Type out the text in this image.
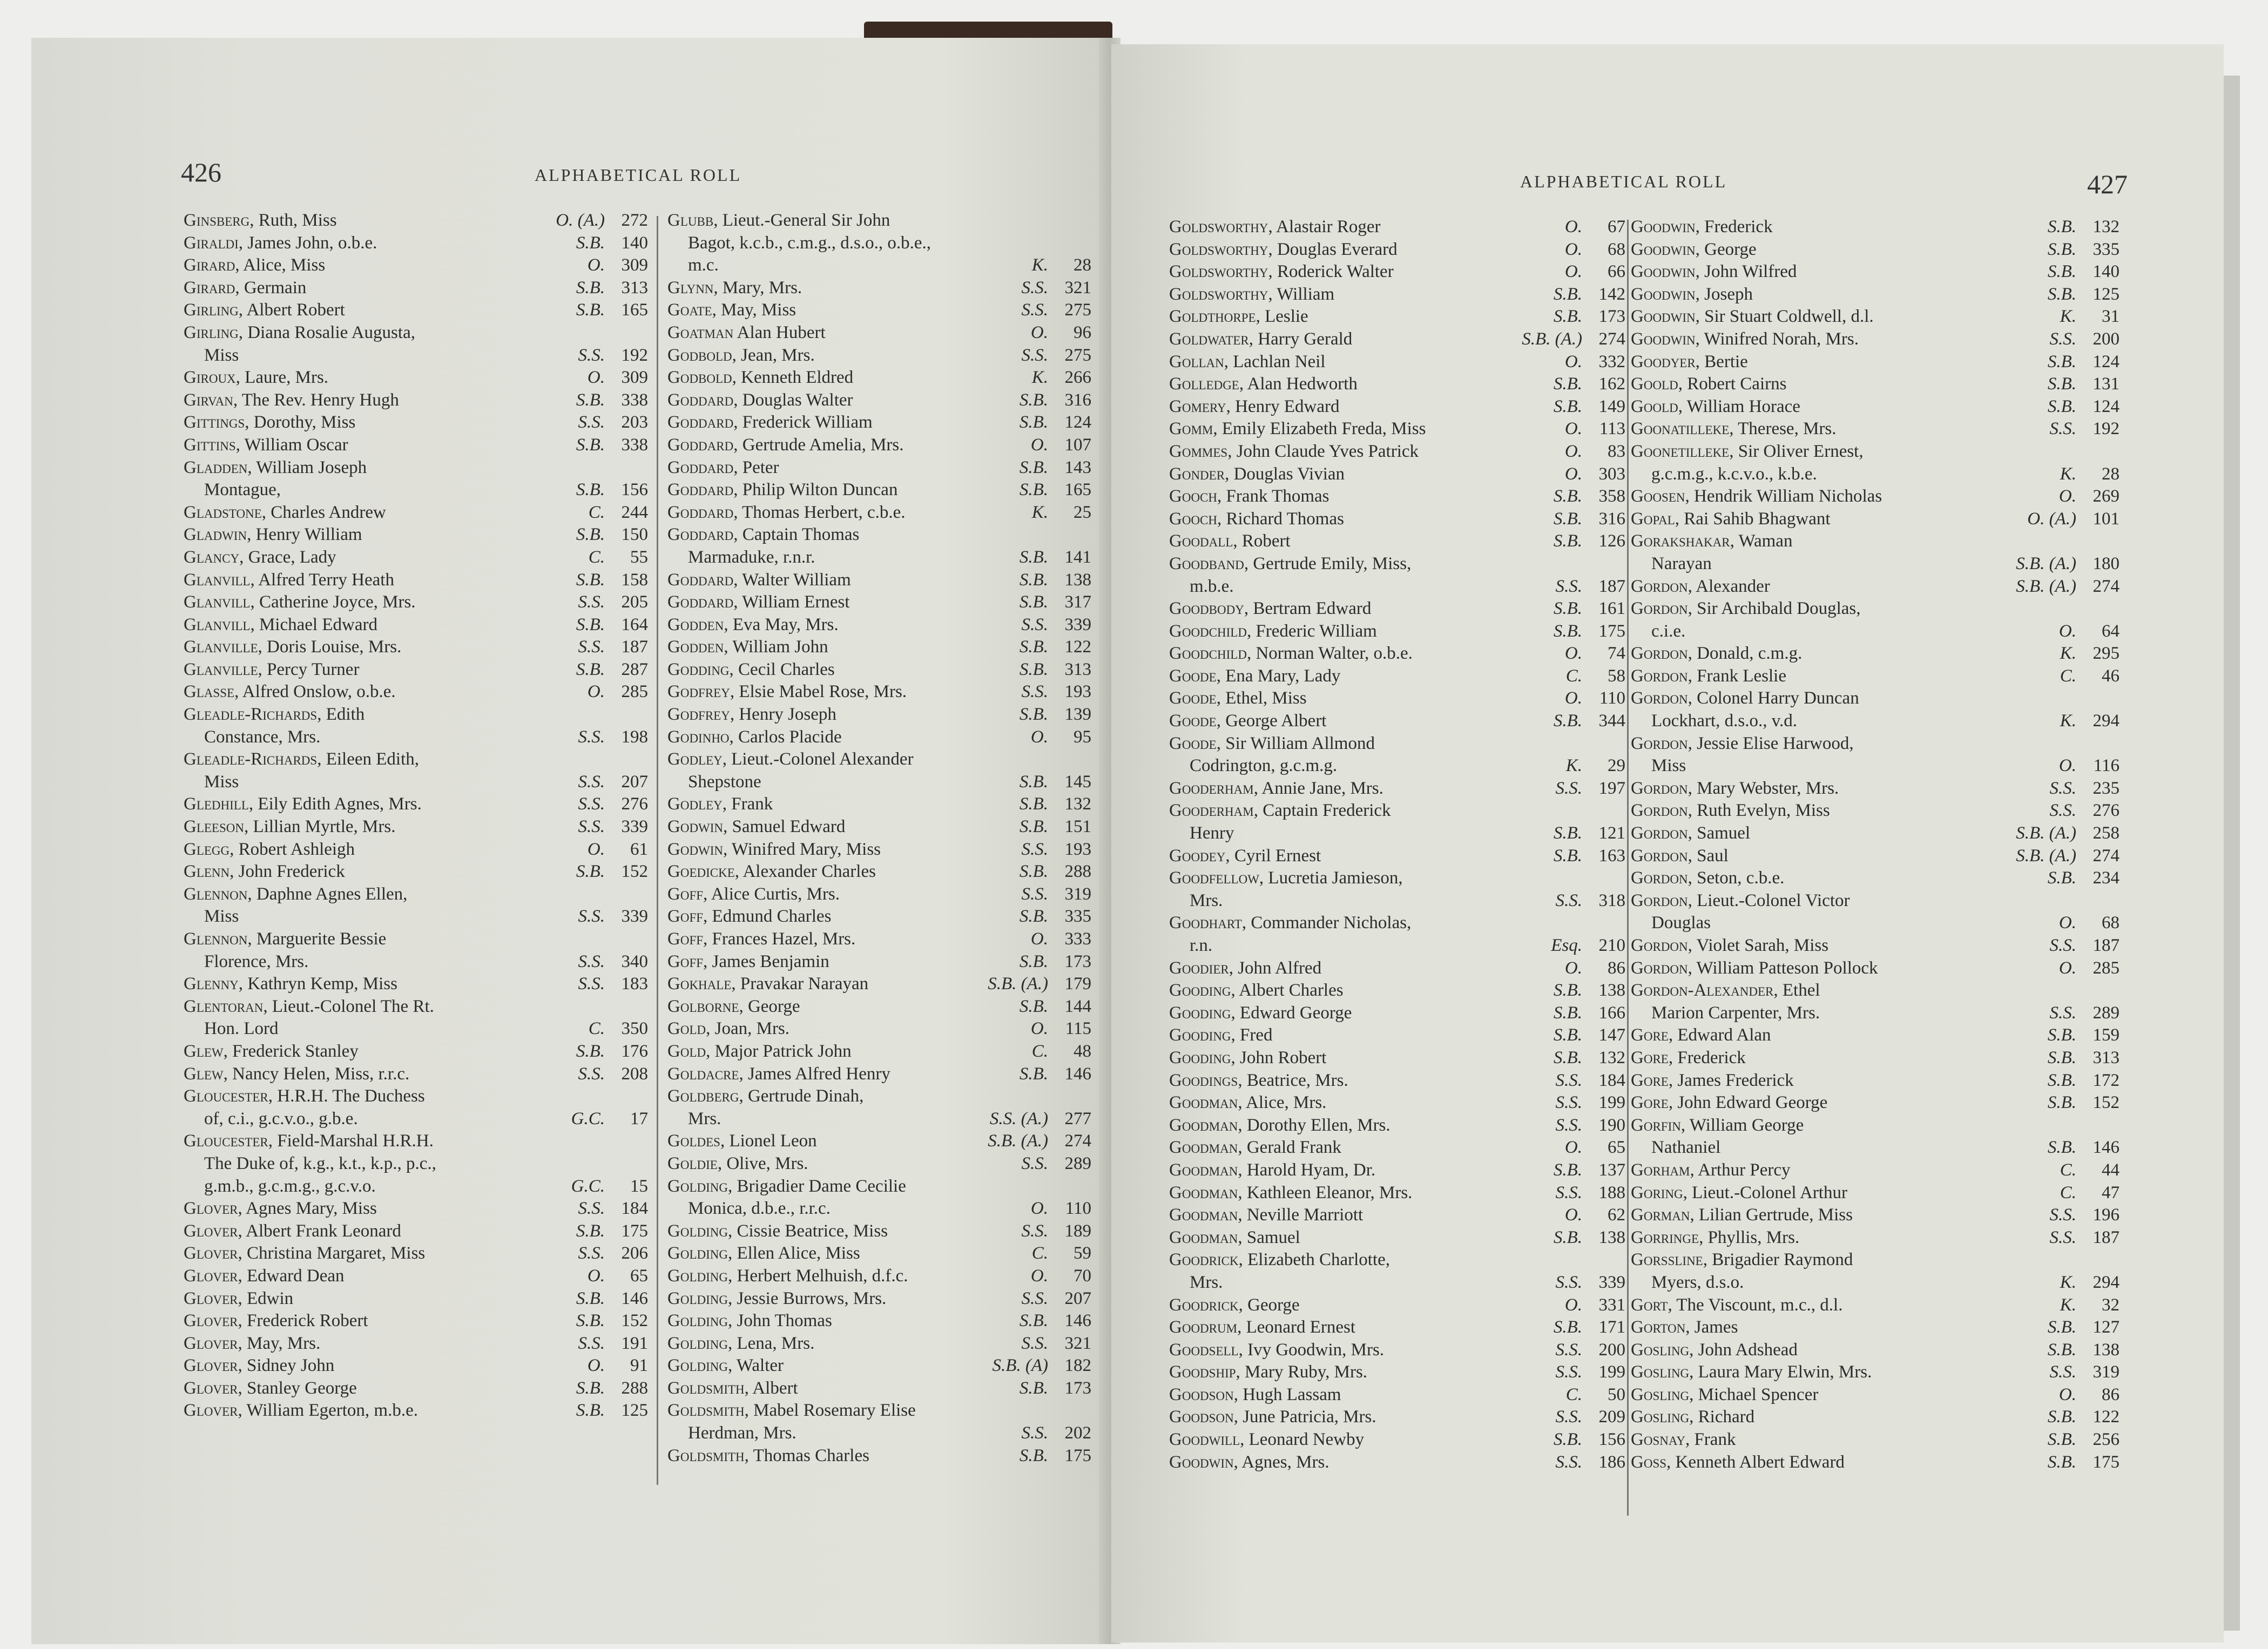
426	ALPHABETICAL ROLL
Ginsberg, Ruth, Miss	O. (A.) 272
Giraldi, James John, o.b.e.	S.B. 140
Girard, Alice, Miss	O. 309
Girard, Germain	S.B. 313
Girling, Albert Robert	S.B. 165
Girling, Diana Rosalie Augusta,
Miss	S.S. 192
Giroux, Laure, Mrs.	O. 309
Girvan, The Rev. Henry Hugh	S.B. 338
Gittings, Dorothy, Miss	S.S. 203
Gittins, William Oscar	S.B. 338
Gladden, William Joseph
Montague,	S.B. 156
Gladstone, Charles Andrew	C. 244
Gladwin, Henry William	S.B. 150
Glancy, Grace, Lady	C.	55
Glanvill, Alfred Terry Heath	S.B. 158
Glanvill, Catherine Joyce, Mrs.	S.S. 205
Glanvill, Michael Edward	S.B. 164
Glanville, Doris Louise, Mrs.	S.S. 187
Glanville, Percy Turner	S.B. 287
Glasse, Alfred Onslow, o.b.e.	O. 285
Gleadle-Richards, Edith
Constance, Mrs.	S.S. 198
Gleadle-Richards, Eileen Edith,
Miss	S.S. 207
Gledhill, Eily Edith Agnes, Mrs.	S.S. 276
Gleeson, Lillian Myrtle, Mrs.	S.S. 339
Glegg, Robert Ashleigh	O.	61
Glenn, John Frederick	S.B. 152
Glennon, Daphne Agnes Ellen,
Miss	S.S. 339
Glennon, Marguerite Bessie
Florence, Mrs.	S.S. 340
Glenny, Kathryn Kemp, Miss	S.S. 183
Glentoran, Lieut.-Colonel The Rt.
Hon. Lord	C. 350
Glew, Frederick Stanley	S.B. 176
Glew, Nancy Helen, Miss, r.r.c.	S.S. 208
Gloucester, H.R.H. The Duchess
of, c.i., g.c.v.o., g.b.e.	G.C.	17
Gloucester, Field-Marshal H.R.H.
The Duke of, k.g., k.t., k.p., p.c.,
g.m.b., g.c.m.g., g.c.v.o.	G.C.	15
Glover, Agnes Mary, Miss	S.S. 184
Glover, Albert Frank Leonard	S.B. 175
Glover, Christina Margaret, Miss	S.S. 206
Glover, Edward Dean	O.	65
Glover, Edwin	S.B. 146
Glover, Frederick Robert	S.B. 152
Glover, May, Mrs.	S.S. 191
Glover, Sidney John	O.	91
Glover, Stanley George	S.B. 288
Glover, William Egerton, m.b.e.	S.B. 125
Glubb, Lieut.-General Sir John
Bagot, k.c.b., c.m.g., d.s.o., o.b.e.,
m.c.	K.	28
Glynn, Mary, Mrs.	S.S. 321
Goate, May, Miss	S.S. 275
Goatman Alan Hubert	O.	96
Godbold, Jean, Mrs.	S.S. 275
Godbold, Kenneth Eldred	K. 266
Goddard, Douglas Walter	S.B. 316
Goddard, Frederick William	S.B. 124
Goddard, Gertrude Amelia, Mrs.	O. 107
Goddard, Peter	S.B. 143
Goddard, Philip Wilton Duncan	S.B. 165
Goddard, Thomas Herbert, c.b.e.	K.	25
Goddard, Captain Thomas
Marmaduke, r.n.r.	S.B. 141
Goddard, Walter William	S.B. 138
Goddard, William Ernest	S.B. 317
Godden, Eva May, Mrs.	S.S. 339
Godden, William John	S.B. 122
Godding, Cecil Charles	S.B. 313
Godfrey, Elsie Mabel Rose, Mrs.	S.S. 193
Godfrey, Henry Joseph	S.B. 139
Godinho, Carlos Placide	O.	95
Godley, Lieut.-Colonel Alexander
Shepstone	S.B. 145
Godley, Frank	S.B. 132
Godwin, Samuel Edward	S.B. 151
Godwin, Winifred Mary, Miss	S.S. 193
Goedicke, Alexander Charles	S.B. 288
Goff, Alice Curtis, Mrs.	S.S. 319
Goff, Edmund Charles	S.B. 335
Goff, Frances Hazel, Mrs.	O. 333
Goff, James Benjamin	S.B. 173
Gokhale, Pravakar Narayan	S.B. (A.) 179
Golborne, George	S.B. 144
Gold, Joan, Mrs.	O. 115
Gold, Major Patrick John	C.	48
Goldacre, James Alfred Henry	S.B. 146
Goldberg, Gertrude Dinah,
Mrs.	S.S. (A.) 277
Goldes, Lionel Leon	S.B. (A.) 274
Goldie, Olive, Mrs.	S.S. 289
Golding, Brigadier Dame Cecilie
Monica, d.b.e., r.r.c.	O. 110
Golding, Cissie Beatrice, Miss	S.S. 189
Golding, Ellen Alice, Miss	C.	59
Golding, Herbert Melhuish, d.f.c.	O.	70
Golding, Jessie Burrows, Mrs.	S.S. 207
Golding, John Thomas	S.B. 146
Golding, Lena, Mrs.	S.S. 321
Golding, Walter	S.B. (A) 182
Goldsmith, Albert	S.B. 173
Goldsmith, Mabel Rosemary Elise
Herdman, Mrs.	S.S. 202
Goldsmith, Thomas Charles	S.B. 175
427
ALPHABETICAL ROLL
Goldsworthy, Alastair Roger	O.	67
Goldsworthy, Douglas Everard	O.	68
Goldsworthy, Roderick Walter	O.	66
Goldsworthy, William	S.B. 142
Goldthorpe, Leslie	S.B. 173
Goldwater, Harry Gerald	S.B. (A.) 274
Gollan, Lachlan Neil	O. 332
Golledge, Alan Hedworth	S.B. 162
Gomery, Henry Edward	S.B. 149
Gomm, Emily Elizabeth Freda, Miss	O. 113
Gommes, John Claude Yves Patrick	O.	83
Gonder, Douglas Vivian	O. 303
Gooch, Frank Thomas	S.B. 358
Gooch, Richard Thomas	S.B. 316
Goodall, Robert	S.B. 126
Goodband, Gertrude Emily, Miss,
m.b.e.	S.S. 187
Goodbody, Bertram Edward	S.B. 161
Goodchild, Frederic William	S.B. 175
Goodchild, Norman Walter, o.b.e.	O.	74
Goode, Ena Mary, Lady	C.	58
Goode, Ethel, Miss	O. 110
Goode, George Albert	S.B. 344
Goode, Sir William Allmond
Codrington, g.c.m.g.	K.	29
Gooderham, Annie Jane, Mrs.	S.S. 197
Gooderham, Captain Frederick
Henry	S.B. 121
Goodey, Cyril Ernest	S.B. 163
Goodfellow, Lucretia Jamieson,
Mrs.	S.S. 318
Goodhart, Commander Nicholas,
r.n.	Esq. 210
Goodier, John Alfred	O.	86
Gooding, Albert Charles	S.B. 138
Gooding, Edward George	S.B. 166
Gooding, Fred	S.B. 147
Gooding, John Robert	S.B. 132
Goodings, Beatrice, Mrs.	S.S. 184
Goodman, Alice, Mrs.	S.S. 199
Goodman, Dorothy Ellen, Mrs.	S.S. 190
Goodman, Gerald Frank	O.	65
Goodman, Harold Hyam, Dr.	S.B. 137
Goodman, Kathleen Eleanor, Mrs.	S.S. 188
Goodman, Neville Marriott	O.	62
Goodman, Samuel	S.B. 138
Goodrick, Elizabeth Charlotte,
Mrs.	S.S. 339
Goodrick, George	O. 331
Goodrum, Leonard Ernest	S.B. 171
Goodsell, Ivy Goodwin, Mrs.	S.S. 200
Goodship, Mary Ruby, Mrs.	S.S. 199
Goodson, Hugh Lassam	C.	50
Goodson, June Patricia, Mrs.	S.S. 209
Goodwill, Leonard Newby	S.B. 156
Goodwin, Agnes, Mrs.	S.S. 186
Goodwin, Frederick	S.B. 132
Goodwin, George	S.B. 335
Goodwin, John Wilfred	S.B. 140
Goodwin, Joseph	S.B. 125
Goodwin, Sir Stuart Coldwell, d.l.	K.	31
Goodwin, Winifred Norah, Mrs.	S.S. 200
Goodyer, Bertie	S.B. 124
Goold, Robert Cairns	S.B. 131
Goold, William Horace	S.B. 124
Goonatilleke, Therese, Mrs.	S.S. 192
Goonetilleke, Sir Oliver Ernest,
g.c.m.g., k.c.v.o., k.b.e.	K.	28
Goosen, Hendrik William Nicholas	O. 269
Gopal, Rai Sahib Bhagwant	O. (A.) 101
Gorakshakar, Waman
Narayan	S.B. (A.) 180
Gordon, Alexander	S.B. (A.) 274
Gordon, Sir Archibald Douglas,
c.i.e.	O.	64
Gordon, Donald, c.m.g.	K. 295
Gordon, Frank Leslie	C.	46
Gordon, Colonel Harry Duncan
Lockhart, d.s.o., v.d.	K. 294
Gordon, Jessie Elise Harwood,
Miss	O. 116
Gordon, Mary Webster, Mrs.	S.S. 235
Gordon, Ruth Evelyn, Miss	S.S. 276
Gordon, Samuel	S.B. (A.) 258
Gordon, Saul	S.B. (A.) 274
Gordon, Seton, c.b.e.	S.B. 234
Gordon, Lieut.-Colonel Victor
Douglas	O.	68
Gordon, Violet Sarah, Miss	S.S. 187
Gordon, William Patteson Pollock	O. 285
Gordon-Alexander, Ethel
Marion Carpenter, Mrs.	S.S. 289
Gore, Edward Alan	S.B. 159
Gore, Frederick	S.B. 313
Gore, James Frederick	S.B. 172
Gore, John Edward George	S.B. 152
Gorfin, William George
Nathaniel	S.B. 146
Gorham, Arthur Percy	C.	44
Goring, Lieut.-Colonel Arthur	C.	47
Gorman, Lilian Gertrude, Miss	S.S. 196
Gorringe, Phyllis, Mrs.	S.S. 187
Gorssline, Brigadier Raymond
Myers, d.s.o.	K. 294
Gort, The Viscount, m.c., d.l.	K.	32
Gorton, James	S.B. 127
Gosling, John Adshead	S.B. 138
Gosling, Laura Mary Elwin, Mrs.	S.S. 319
Gosling, Michael Spencer	O.	86
Gosling, Richard	S.B. 122
Gosnay, Frank	S.B. 256
Goss, Kenneth Albert Edward	S.B. 175
